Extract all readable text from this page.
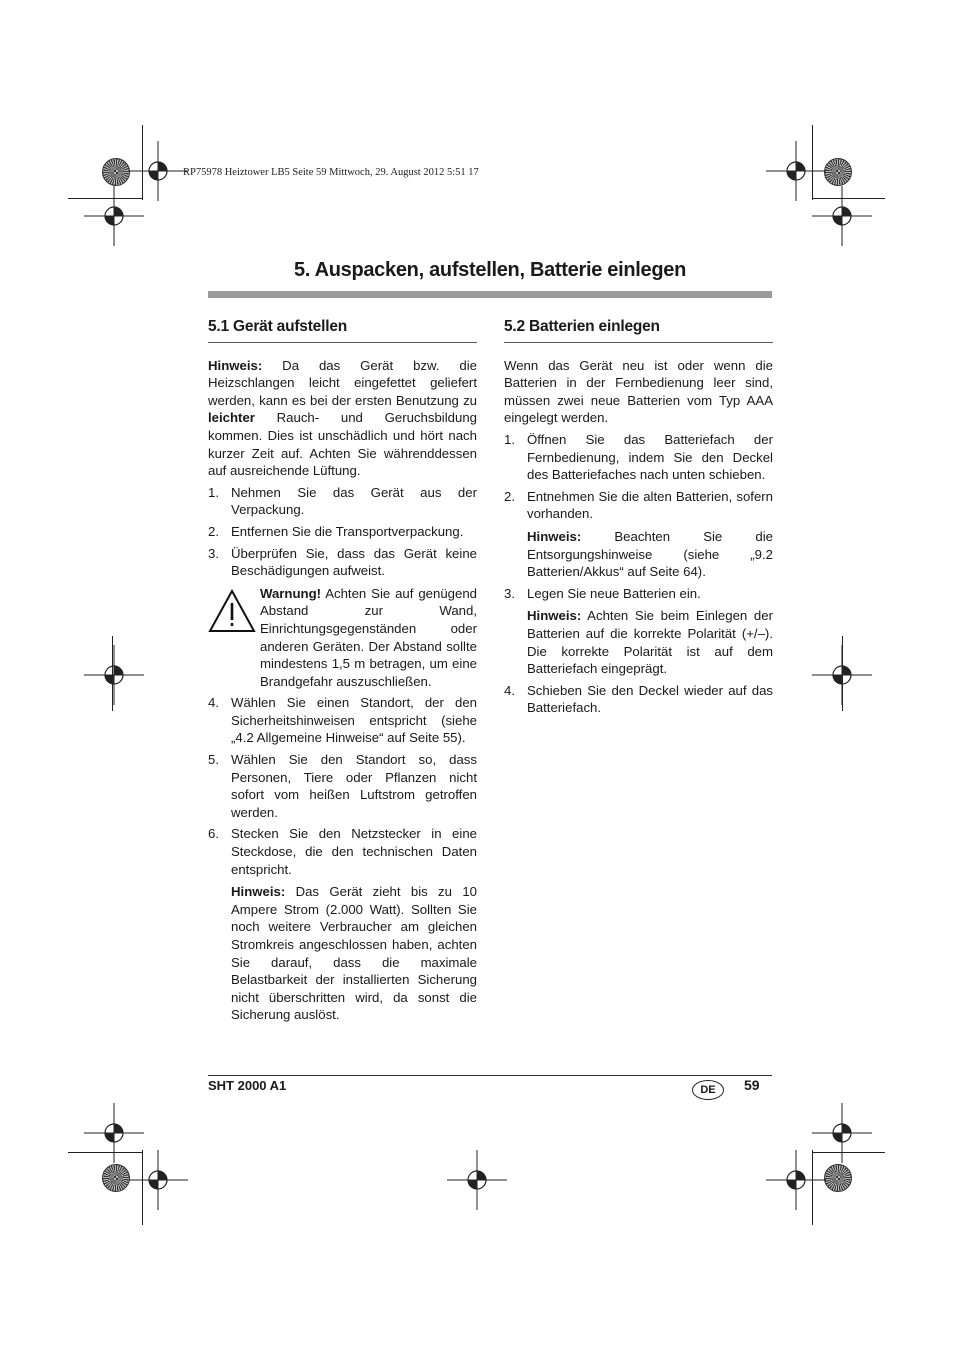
RP75978 Heiztower LB5 Seite 59 Mittwoch, 29. August 2012 5:51 17
5. Auspacken, aufstellen, Batterie einlegen
5.1 Gerät aufstellen

Hinweis: Da das Gerät bzw. die Heizschlangen leicht eingefettet geliefert werden, kann es bei der ersten Benutzung zu leichter Rauch- und Geruchsbildung kommen. Dies ist unschädlich und hört nach kurzer Zeit auf. Achten Sie währenddessen auf ausreichende Lüftung.

1. Nehmen Sie das Gerät aus der Verpackung.
2. Entfernen Sie die Transportverpackung.
3. Überprüfen Sie, dass das Gerät keine Beschädigungen aufweist.
Warnung! Achten Sie auf genügend Abstand zur Wand, Einrichtungsgegenständen oder anderen Geräten. Der Abstand sollte mindestens 1,5 m betragen, um eine Brandgefahr auszuschließen.
4. Wählen Sie einen Standort, der den Sicherheitshinweisen entspricht (siehe „4.2 Allgemeine Hinweise“ auf Seite 55).
5. Wählen Sie den Standort so, dass Personen, Tiere oder Pflanzen nicht sofort vom heißen Luftstrom getroffen werden.
6. Stecken Sie den Netzstecker in eine Steckdose, die den technischen Daten entspricht.
Hinweis: Das Gerät zieht bis zu 10 Ampere Strom (2.000 Watt). Sollten Sie noch weitere Verbraucher am gleichen Stromkreis angeschlossen haben, achten Sie darauf, dass die maximale Belastbarkeit der installierten Sicherung nicht überschritten wird, da sonst die Sicherung auslöst.
5.2 Batterien einlegen

Wenn das Gerät neu ist oder wenn die Batterien in der Fernbedienung leer sind, müssen zwei neue Batterien vom Typ AAA eingelegt werden.

1. Öffnen Sie das Batteriefach der Fernbedienung, indem Sie den Deckel des Batteriefaches nach unten schieben.
2. Entnehmen Sie die alten Batterien, sofern vorhanden.
Hinweis: Beachten Sie die Entsorgungshinweise (siehe „9.2 Batterien/Akkus“ auf Seite 64).
3. Legen Sie neue Batterien ein.
Hinweis: Achten Sie beim Einlegen der Batterien auf die korrekte Polarität (+/–). Die korrekte Polarität ist auf dem Batteriefach eingeprägt.
4. Schieben Sie den Deckel wieder auf das Batteriefach.
SHT 2000 A1	DE	59
